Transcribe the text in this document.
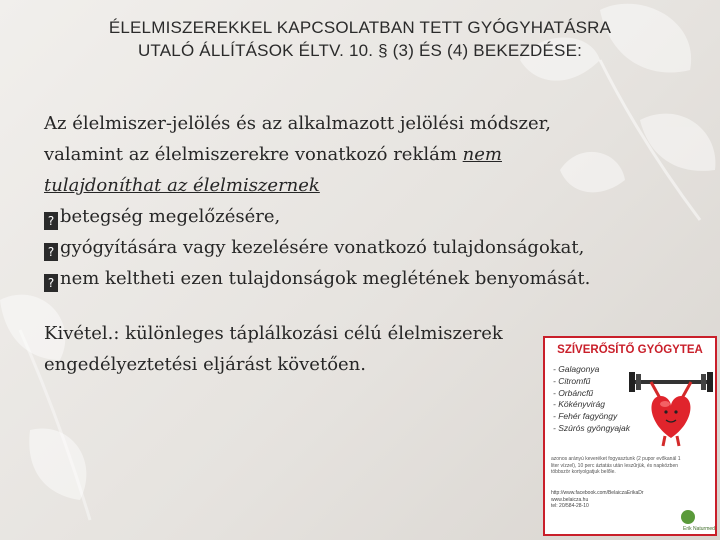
ÉLELMISZEREKKEL KAPCSOLATBAN TETT GYÓGYHATÁSRA
UTALÓ ÁLLÍTÁSOK ÉLTV. 10. § (3) ÉS (4) BEKEZDÉSE:
Az élelmiszer-jelölés és az alkalmazott jelölési módszer,
valamint az élelmiszerekre vonatkozó reklám nem
tulajdoníthat az élelmiszernek
? betegség megelőzésére,
? gyógyítására vagy kezelésére vonatkozó tulajdonságokat,
? nem keltheti ezen tulajdonságok meglétének benyomását.
Kivétel.: különleges táplálkozási célú élelmiszerek
engedélyeztetési eljárást követően.
SZÍVERŐSÍTŐ GYÓGYTEA
- Galagonya
- Citromfű
- Orbáncfű
- Kökényvirág
- Fehér fagyöngy
- Szúrós gyöngyajak
azonos arányú keveréket fogyasztunk (2 pupor evőkanál 1 liter vízzel), 10 perc áztatás után leszűrjük, és napközben többször kortyolgatjuk belőle.
http://www.facebook.com/BelaiczaErikaDr
www.belaicza.hu
tel: 20/584-28-10
Erik Naturmed
